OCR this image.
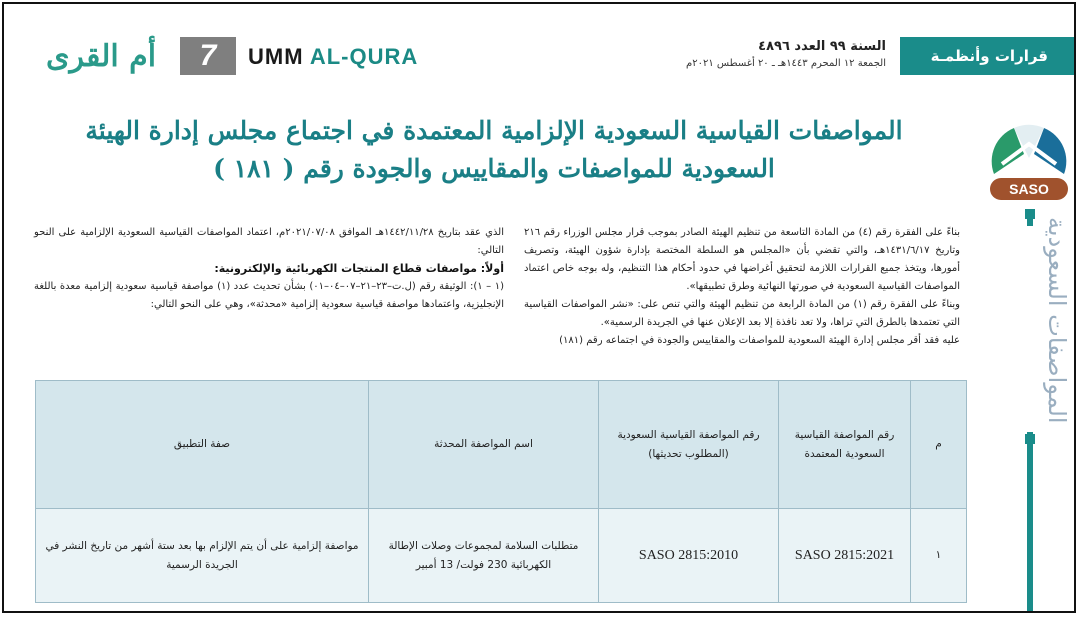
أم القرى	7	UMM AL-QURA	السنة ٩٩ العدد ٤٨٩٦
الجمعة ١٢ المحرم ١٤٤٣هـ ـ ٢٠ أغسطس ٢٠٢١م	قرارات وأنظمـة
SASO
المواصفات السعودية
المواصفات القياسية السعودية الإلزامية المعتمدة في اجتماع مجلس إدارة الهيئة
السعودية للمواصفات والمقاييس والجودة رقم ( ١٨١ )

بناءً على الفقرة رقم (٤) من المادة التاسعة من تنظيم الهيئة الصادر بموجب قرار مجلس الوزراء رقم ٢١٦ وتاريخ ١٤٣١/٦/١٧هـ، والتي تقضي بأن «المجلس هو السلطة المختصة بإدارة شؤون الهيئة، وتصريف أمورها، ويتخذ جميع القرارات اللازمة لتحقيق أغراضها في حدود أحكام هذا التنظيم، وله بوجه خاص اعتماد المواصفات القياسية السعودية في صورتها النهائية وطرق تطبيقها».

وبناءً على الفقرة رقم (١) من المادة الرابعة من تنظيم الهيئة والتي تنص على: «نشر المواصفات القياسية التي تعتمدها بالطرق التي تراها، ولا تعد نافذة إلا بعد الإعلان عنها في الجريدة الرسمية».

عليه فقد أقر مجلس إدارة الهيئة السعودية للمواصفات والمقاييس والجودة في اجتماعه رقم (١٨١)

الذي عقد بتاريخ ١٤٤٢/١١/٢٨هـ الموافق ٢٠٢١/٠٧/٠٨م، اعتماد المواصفات القياسية السعودية الإلزامية على النحو التالي:

أولاً: مواصفات قطاع المنتجات الكهربائية والإلكترونية:

(١ – ١): الوثيقة رقم (ل.ت–٢٣–٢١–٠٧–٠٤–٠١) بشأن تحديث عدد (١) مواصفة قياسية سعودية إلزامية معدة باللغة الإنجليزية، واعتمادها مواصفة قياسية سعودية إلزامية «محدثة»، وهي على النحو التالي:

م	رقم المواصفة القياسية السعودية المعتمدة	رقم المواصفة القياسية السعودية (المطلوب تحديثها)	اسم المواصفة المحدثة	صفة التطبيق
١	SASO 2815:2021	SASO 2815:2010	متطلبات السلامة لمجموعات وصلات الإطالة الكهربائية 230 فولت/ 13 أمبير	مواصفة إلزامية على أن يتم الإلزام بها بعد ستة أشهر من تاريخ النشر في الجريدة الرسمية
